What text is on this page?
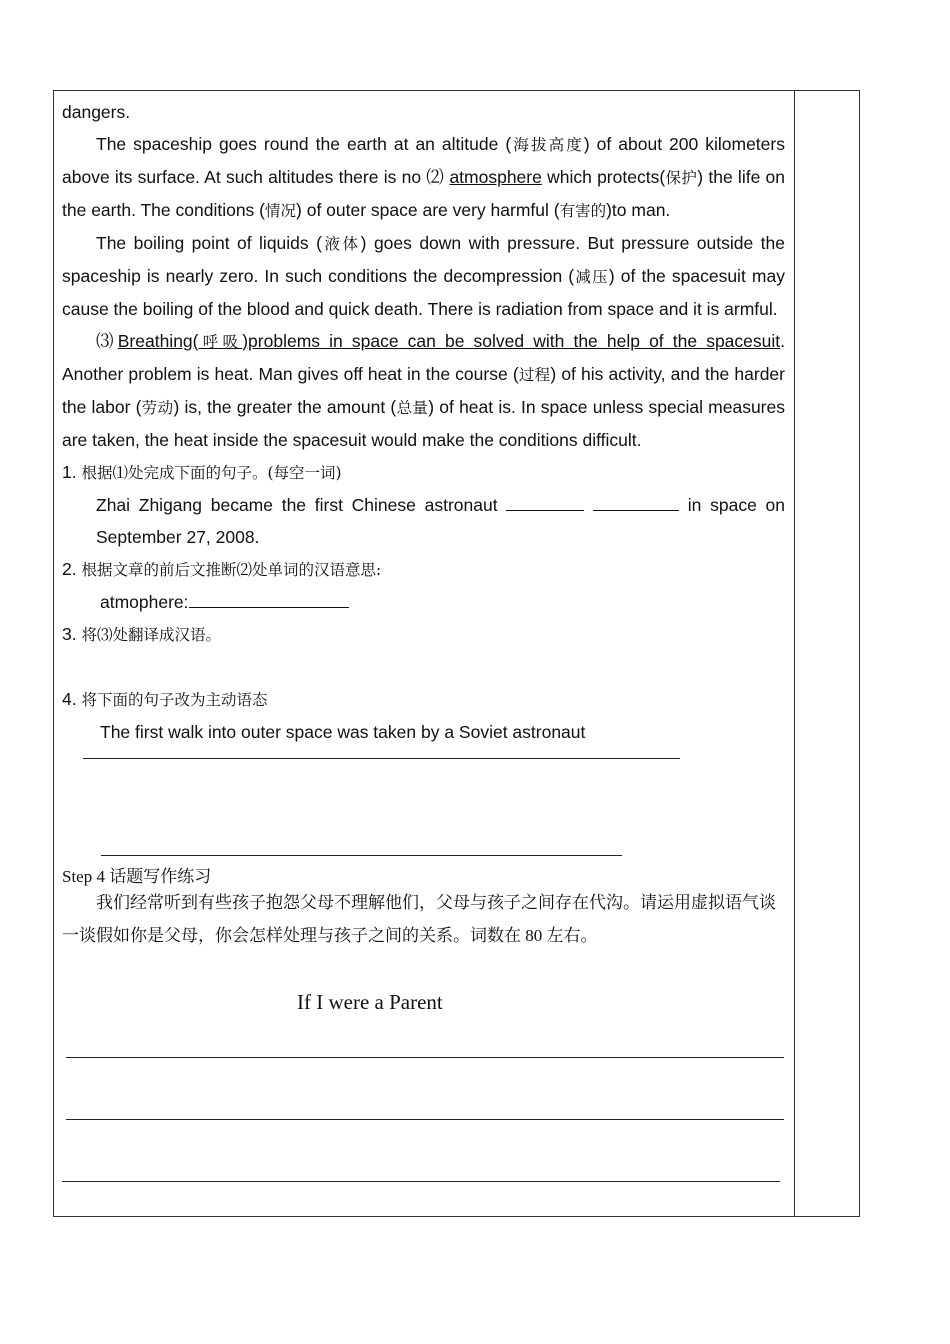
dangers.

The spaceship goes round the earth at an altitude (海拔高度) of about 200 kilometers above its surface. At such altitudes there is no ⑵ atmosphere which protects(保护) the life on the earth. The conditions (情况) of outer space are very harmful (有害的)to man.

The boiling point of liquids (液体) goes down with pressure. But pressure outside the spaceship is nearly zero. In such conditions the decompression (减压) of the spacesuit may cause the boiling of the blood and quick death. There is radiation from space and it is armful.

⑶Breathing(呼吸)problems in space can be solved with the help of the spacesuit. Another problem is heat. Man gives off heat in the course (过程) of his activity, and the harder the labor (劳动) is, the greater the amount (总量) of heat is. In space unless special measures are taken, the heat inside the spacesuit would make the conditions difficult.

1. 根据⑴处完成下面的句子。(每空一词)

Zhai Zhigang became the first Chinese astronaut	in space on September 27, 2008.

2. 根据文章的前后文推断⑵处单词的汉语意思:

atmophere:

3. 将⑶处翻译成汉语。

4. 将下面的句子改为主动语态

The first walk into outer space was taken by a Soviet astronaut

Step 4 话题写作练习
我们经常听到有些孩子抱怨父母不理解他们，父母与孩子之间存在代沟。请运用虚拟语气谈一谈假如你是父母，你会怎样处理与孩子之间的关系。词数在 80 左右。
If I were a Parent
